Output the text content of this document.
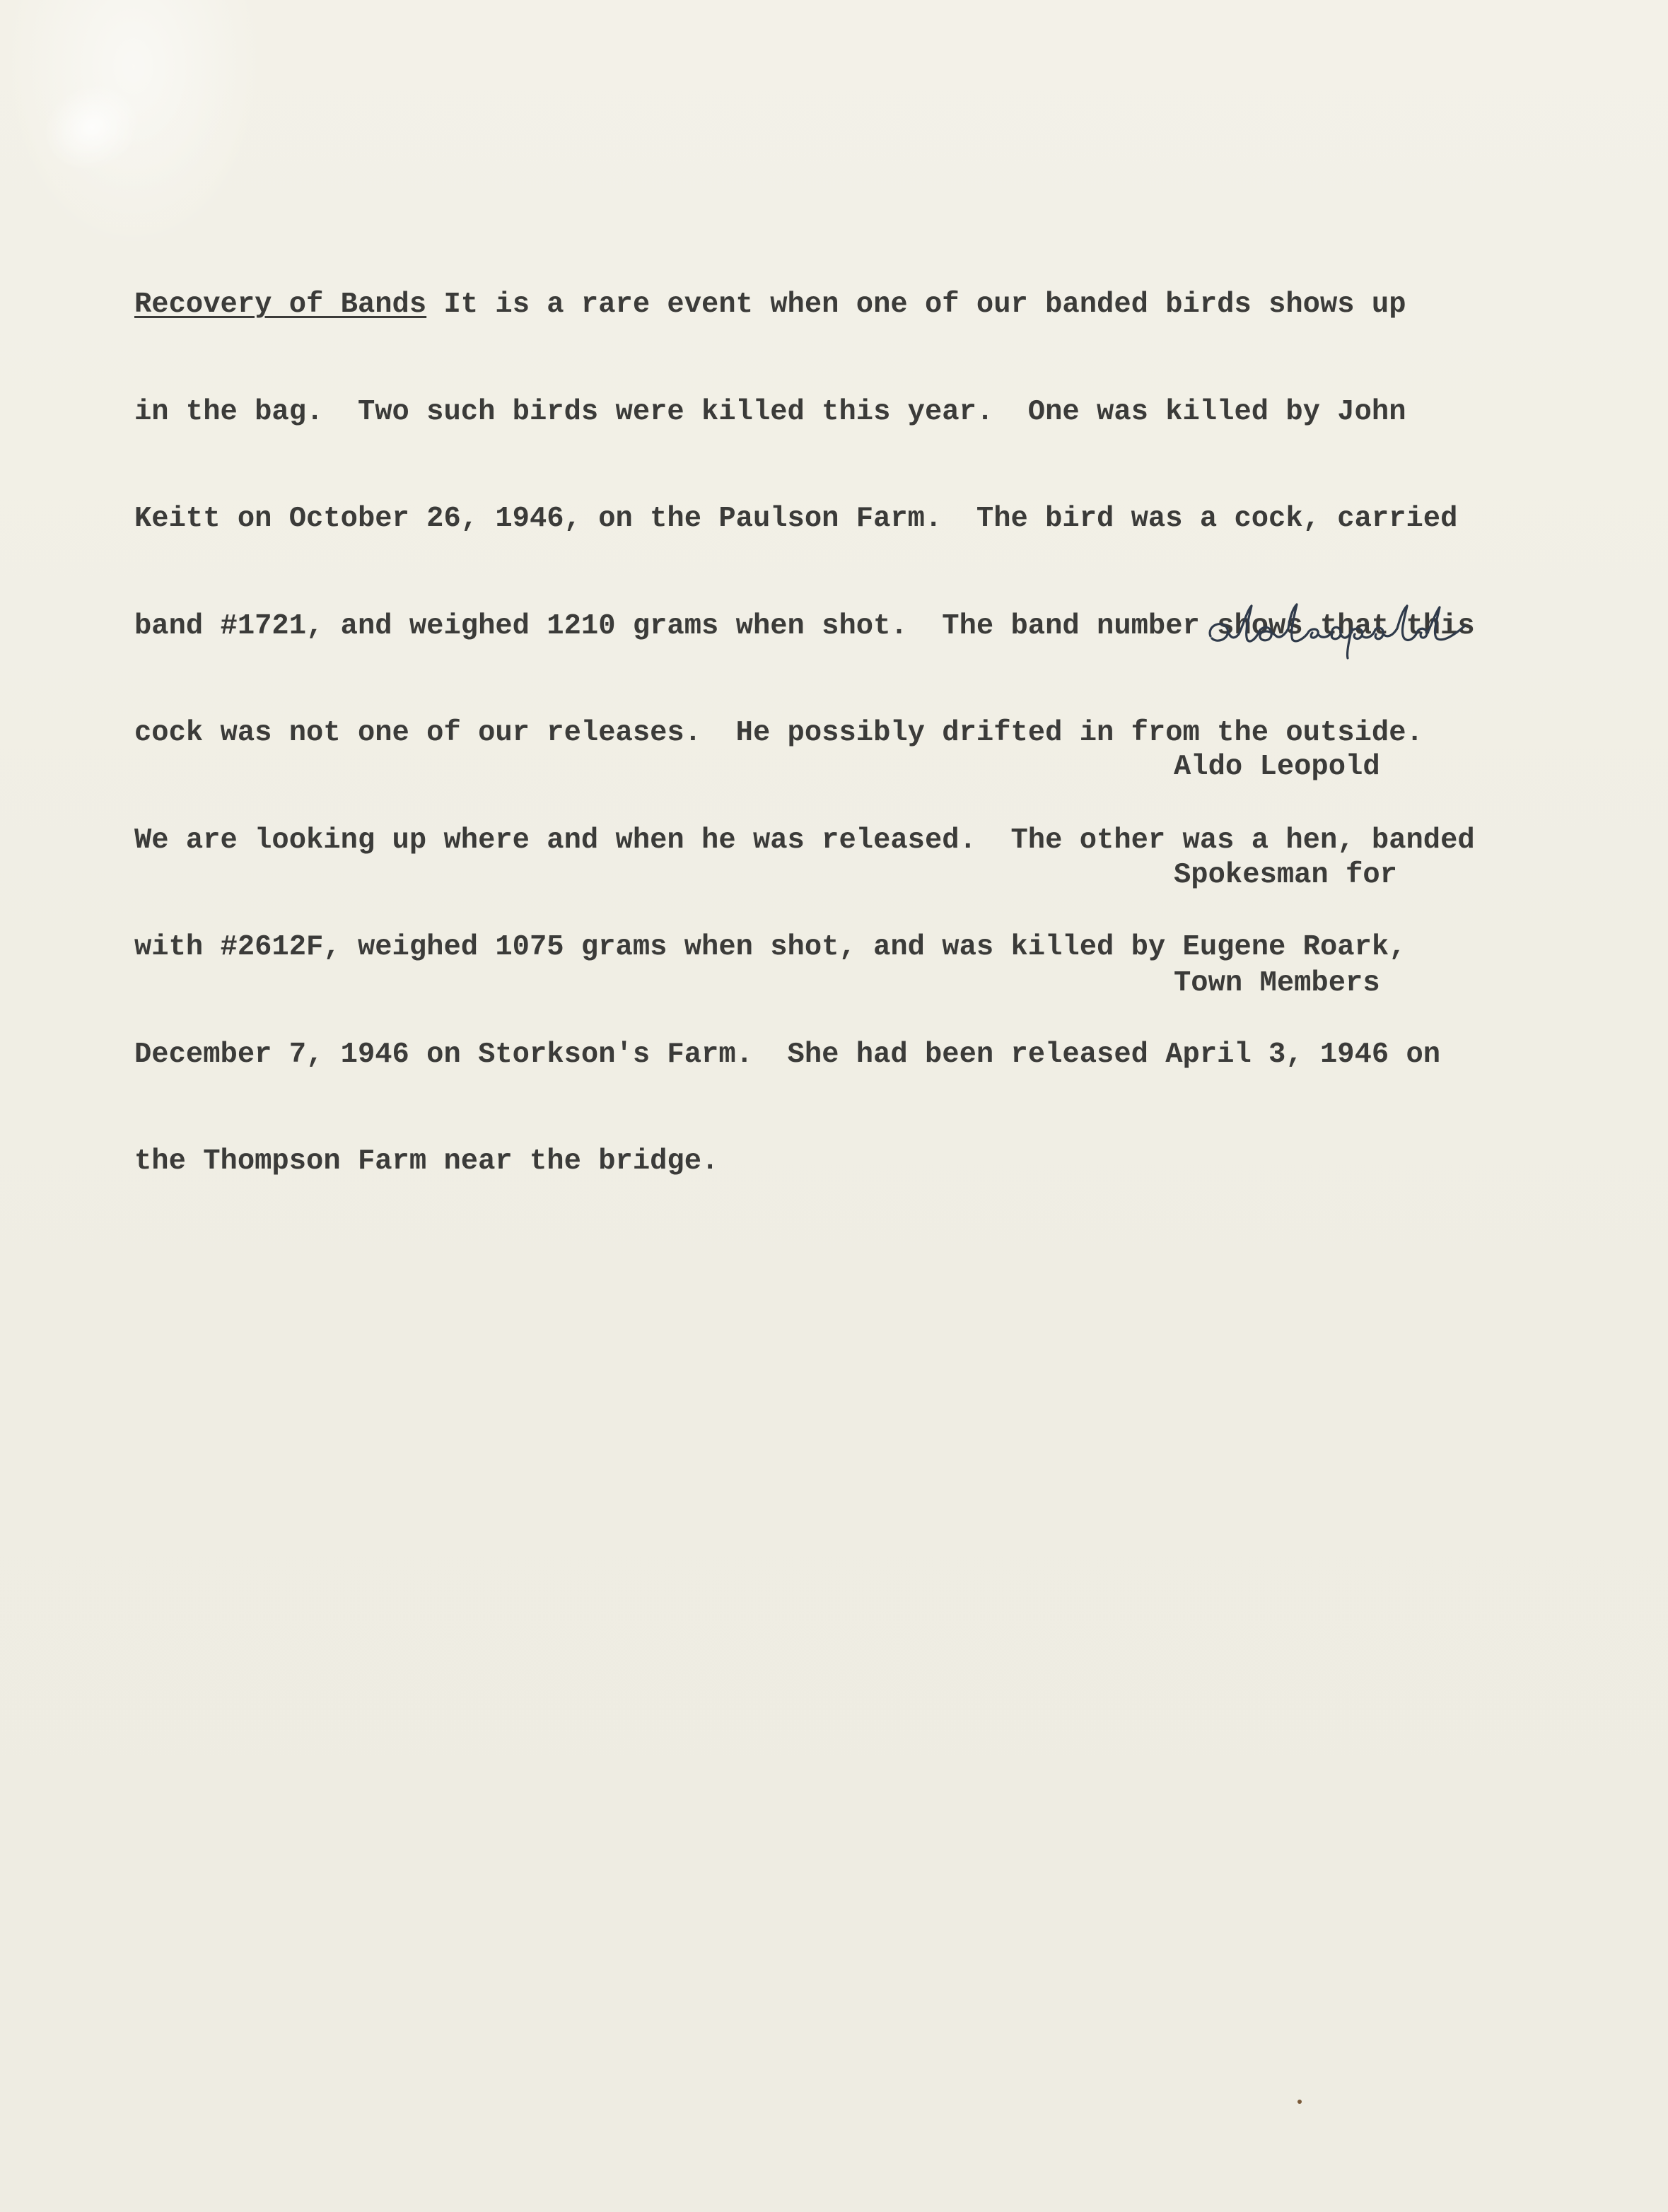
Recovery of Bands It is a rare event when one of our banded birds shows up

in the bag.  Two such birds were killed this year.  One was killed by John

Keitt on October 26, 1946, on the Paulson Farm.  The bird was a cock, carried

band #1721, and weighed 1210 grams when shot.  The band number shows that this

cock was not one of our releases.  He possibly drifted in from the outside.

We are looking up where and when he was released.  The other was a hen, banded

with #2612F, weighed 1075 grams when shot, and was killed by Eugene Roark,

December 7, 1946 on Storkson's Farm.  She had been released April 3, 1946 on

the Thompson Farm near the bridge.

Aldo Leopold

Spokesman for

Town Members
